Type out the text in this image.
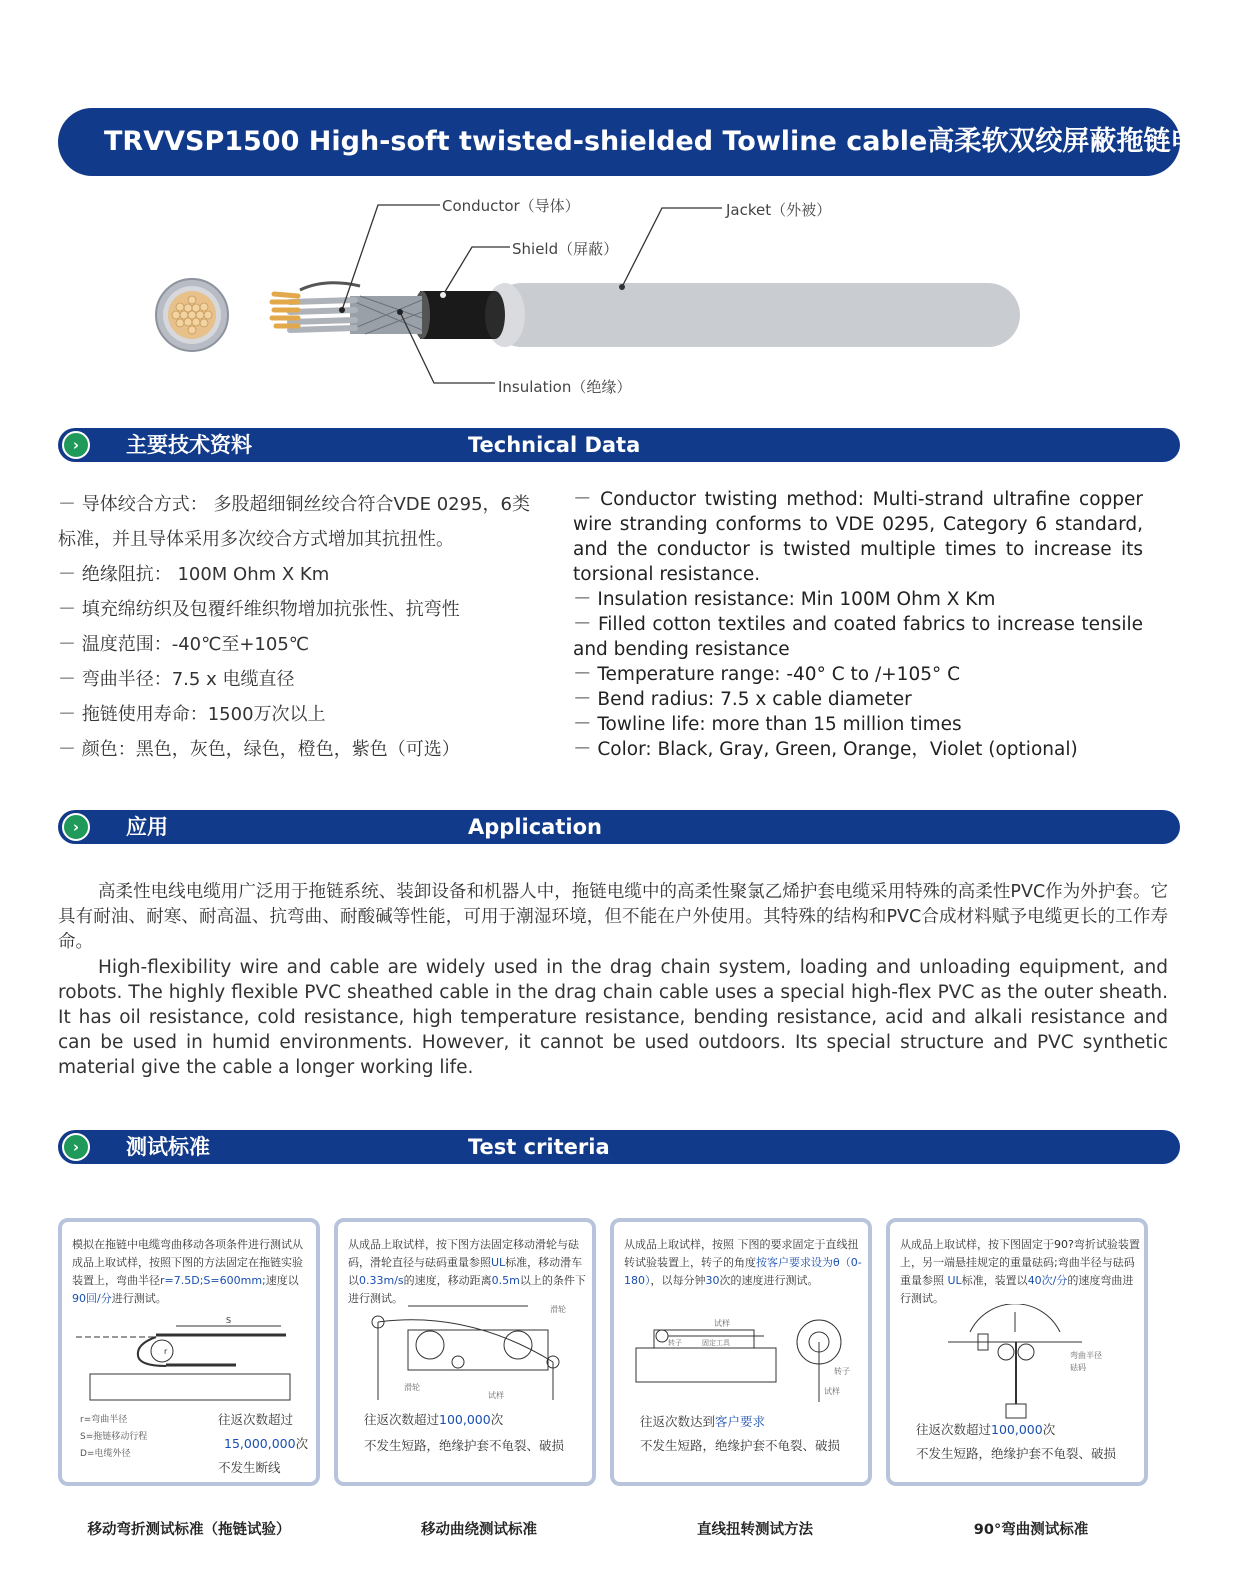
TRVVSP1500 High-soft twisted-shielded Towline cable高柔软双绞屏蔽拖链电缆
Conductor（导体）
Shield（屏蔽）
Jacket（外被）
Insulation（绝缘）
›	主要技术资料	Technical Data
－ 导体绞合方式： 多股超细铜丝绞合符合VDE 0295，6类
标准，并且导体采用多次绞合方式增加其抗扭性。
－ 绝缘阻抗： 100M Ohm X Km
－ 填充绵纺织及包覆纤维织物增加抗张性、抗弯性
－ 温度范围：-40℃至+105℃
－ 弯曲半径：7.5 x 电缆直径
－ 拖链使用寿命：1500万次以上
－ 颜色：黑色，灰色，绿色，橙色，紫色（可选）

－ Conductor twisting method: Multi-strand ultrafine copper wire stranding conforms to VDE 0295, Category 6 standard, and the conductor is twisted multiple times to increase its torsional resistance.

－ Insulation resistance: Min 100M Ohm X Km

－ Filled cotton textiles and coated fabrics to increase tensile and bending resistance

－ Temperature range: -40° C to /+105° C

－ Bend radius: 7.5 x cable diameter

－ Towline life: more than 15 million times

－ Color: Black, Gray, Green, Orange，Violet (optional)

›	应用	Application

高柔性电线电缆用广泛用于拖链系统、装卸设备和机器人中，拖链电缆中的高柔性聚氯乙烯护套电缆采用特殊的高柔性PVC作为外护套。它具有耐油、耐寒、耐高温、抗弯曲、耐酸碱等性能，可用于潮湿环境，但不能在户外使用。其特殊的结构和PVC合成材料赋予电缆更长的工作寿命。

High-flexibility wire and cable are widely used in the drag chain system, loading and unloading equipment, and robots. The highly flexible PVC sheathed cable in the drag chain cable uses a special high-flex PVC as the outer sheath. It has oil resistance, cold resistance, high temperature resistance, bending resistance, acid and alkali resistance and can be used in humid environments. However, it cannot be used outdoors. Its special structure and PVC synthetic material give the cable a longer working life.

›	测试标准	Test criteria
模拟在拖链中电缆弯曲移动各项条件进行测试从成品上取试样，按照下图的方法固定在拖链实验装置上，弯曲半径r=7.5D;S=600mm;速度以90回/分进行测试。
S
r
r=弯曲半径
S=拖链移动行程
D=电缆外径
往返次数超过
15,000,000次
不发生断线
移动弯折测试标准（拖链试验）
从成品上取试样，按下图方法固定移动滑轮与砝码，滑轮直径与砝码重量参照UL标准，移动滑车以0.33m/s的速度，移动距离0.5m以上的条件下进行测试。
滑轮
滑轮
试样
往返次数超过100,000次
不发生短路，绝缘护套不龟裂、破损
移动曲绕测试标准
从成品上取试样，按照 下图的要求固定于直线扭转试验装置上，转子的角度按客户要求设为θ（0-180），以每分钟30次的速度进行测试。
试样
转子	固定工具
转子
试样
往返次数达到客户要求
不发生短路，绝缘护套不龟裂、破损
直线扭转测试方法
从成品上取试样，按下图固定于90?弯折试验装置上，另一端悬挂规定的重量砝码;弯曲半径与砝码重量参照 UL标准，装置以40次/分的速度弯曲进行测试。
弯曲半径
砝码
往返次数超过100,000次
不发生短路，绝缘护套不龟裂、破损
90°弯曲测试标准
